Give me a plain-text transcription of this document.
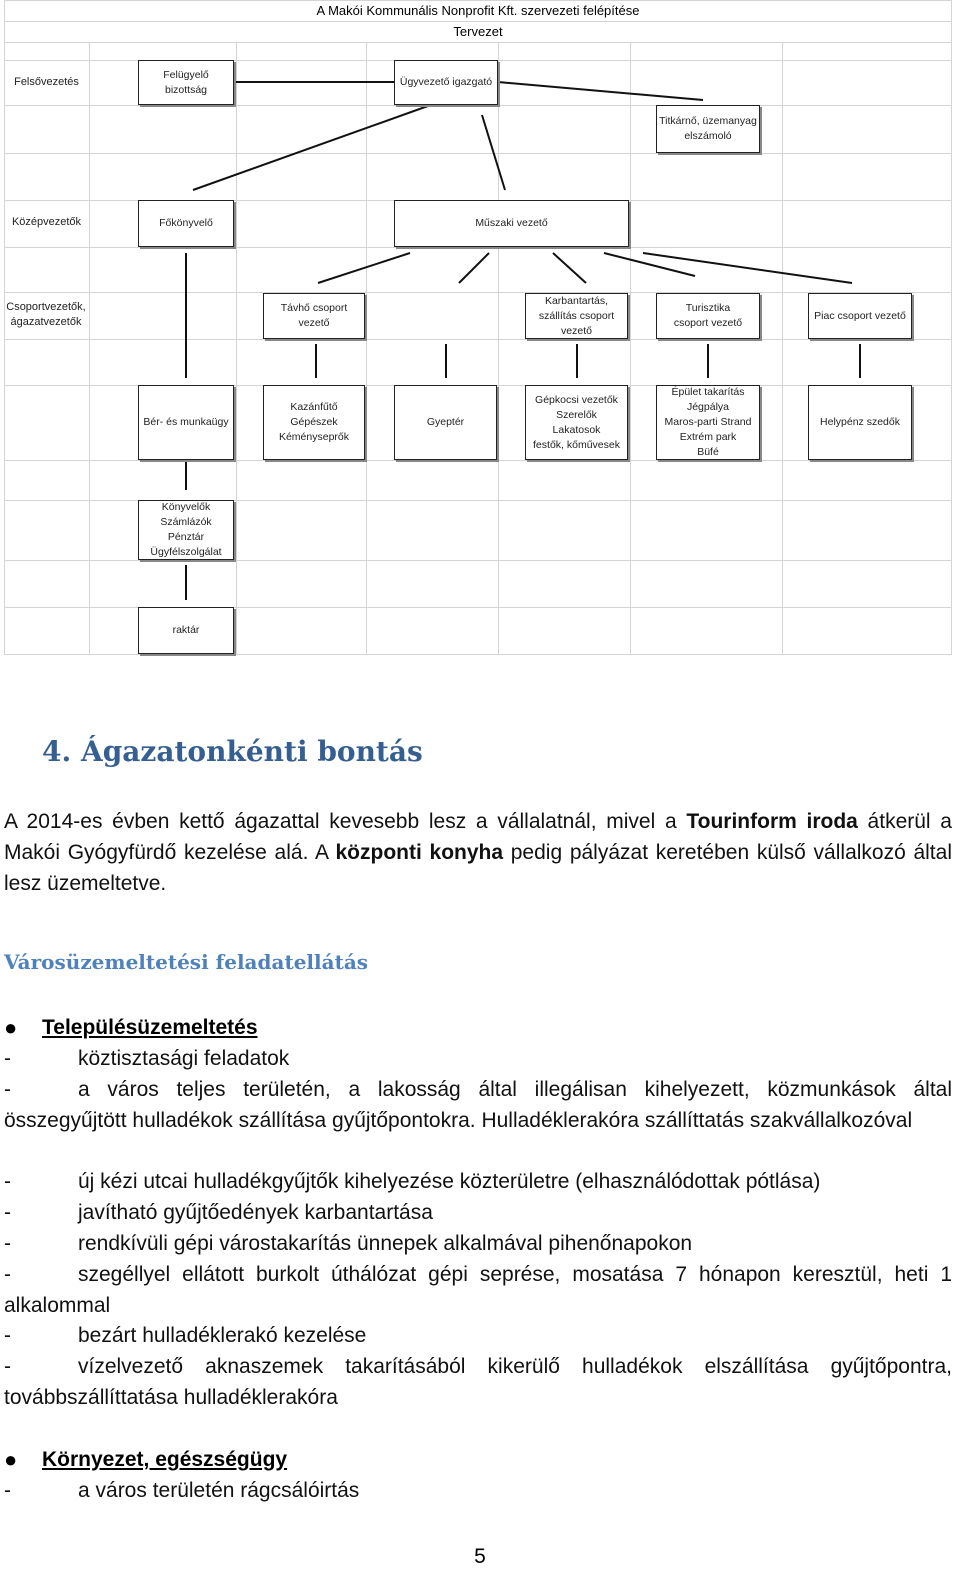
A Makói Kommunális Nonprofit Kft. szervezeti felépítése
Tervezet
Felsővezetés
Középvezetők
Csoportvezetők,
ágazatvezetők
Felügyelő bizottság
Ügyvezető igazgató
Titkárnő, üzemanyag
elszámoló
Főkönyvelő	Műszaki vezető
Távhő csoport vezető
Karbantartás,
szállítás csoport
vezető
Turisztika
csoport vezető
Piac csoport vezető
Bér- és munkaügy
Kazánfűtő
Gépészek
Kéményseprők
Gyeptér
Gépkocsi vezetők
Szerelők
Lakatosok
festők, kőművesek
Épület takarítás
Jégpálya
Maros-parti Strand
Extrém park
Büfé
Helypénz szedők
Könyvelők
Számlázók
Pénztár
Ügyfélszolgálat
raktár
4. Ágazatonkénti bontás
A 2014-es évben kettő ágazattal kevesebb lesz a vállalatnál, mivel a Tourinform iroda átkerül a Makói Gyógyfürdő kezelése alá. A központi konyha pedig pályázat keretében külső vállalkozó által lesz üzemeltetve.
Városüzemeltetési feladatellátás
● Településüzemeltetés
-	köztisztasági feladatok
-	a város teljes területén, a lakosság által illegálisan kihelyezett, közmunkások által összegyűjtött hulladékok szállítása gyűjtőpontokra. Hulladéklerakóra szállíttatás szakvállalkozóval
-	új kézi utcai hulladékgyűjtők kihelyezése közterületre (elhasználódottak pótlása)
-	javítható gyűjtőedények karbantartása
-	rendkívüli gépi várostakarítás ünnepek alkalmával pihenőnapokon
-	szegéllyel ellátott burkolt úthálózat gépi seprése, mosatása 7 hónapon keresztül, heti 1 alkalommal
-	bezárt hulladéklerakó kezelése
-	vízelvezető aknaszemek takarításából kikerülő hulladékok elszállítása gyűjtőpontra, továbbszállíttatása hulladéklerakóra
● Környezet, egészségügy
-	a város területén rágcsálóirtás
5
